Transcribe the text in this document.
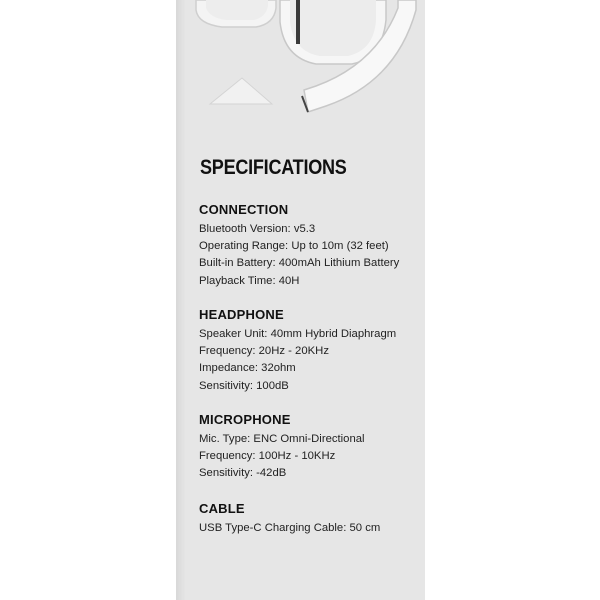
SPECIFICATIONS
CONNECTION
Bluetooth Version: v5.3
Operating Range: Up to 10m (32 feet)
Built-in Battery: 400mAh Lithium Battery
Playback Time: 40H
HEADPHONE
Speaker Unit: 40mm Hybrid Diaphragm
Frequency: 20Hz - 20KHz
Impedance: 32ohm
Sensitivity: 100dB
MICROPHONE
Mic. Type: ENC Omni-Directional
Frequency: 100Hz - 10KHz
Sensitivity: -42dB
CABLE
USB Type-C Charging Cable: 50 cm
